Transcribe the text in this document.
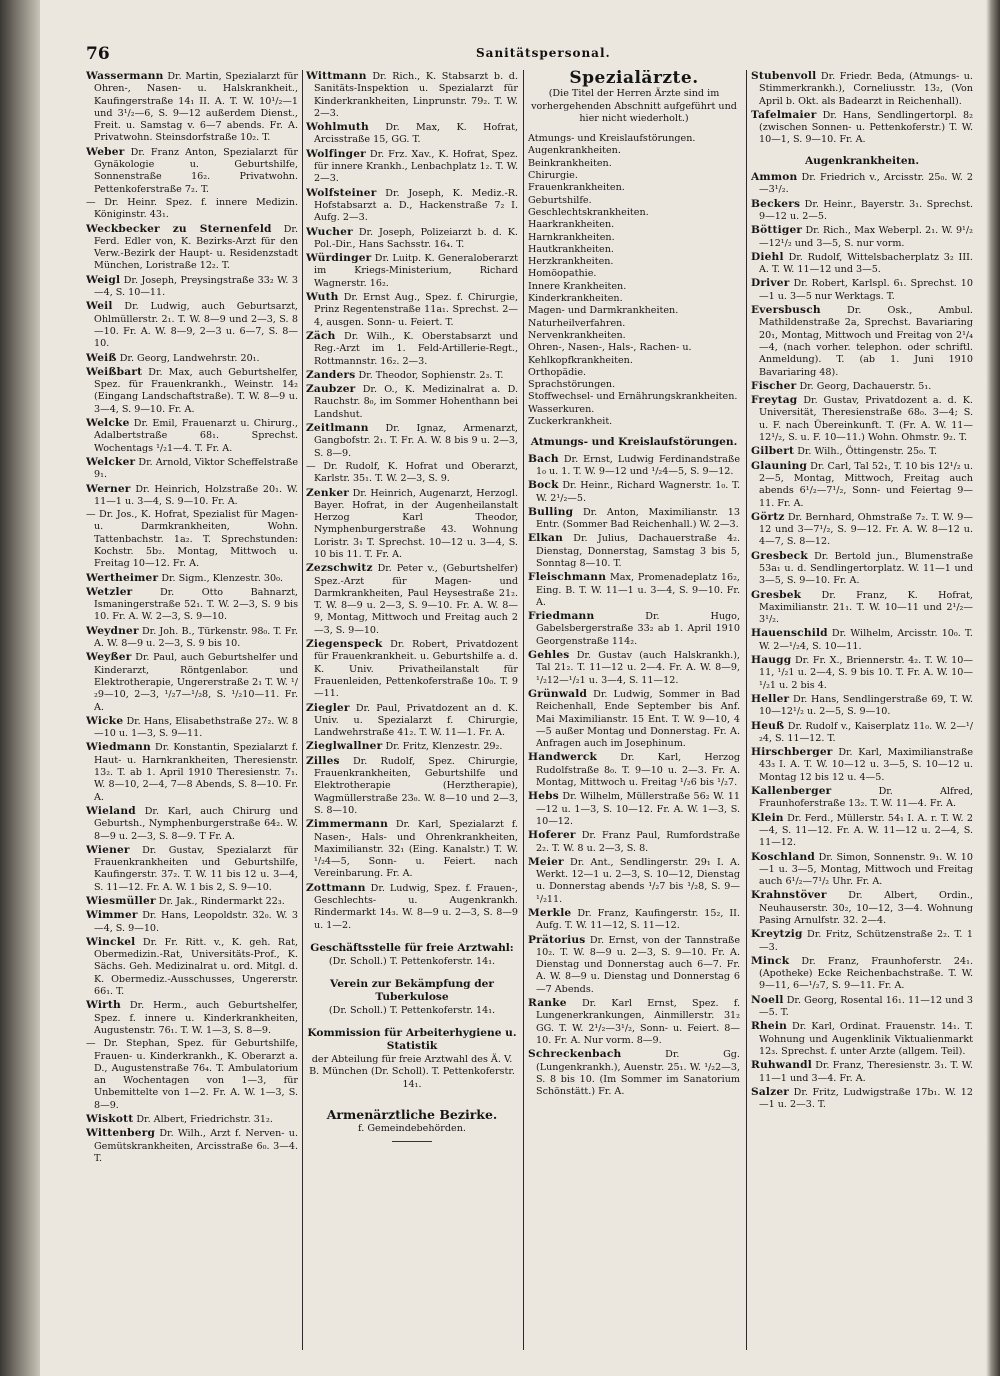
76	Sanitätspersonal.

Wassermann Dr. Martin, Spezialarzt für Ohren-, Nasen- u. Halskrankheit., Kaufingerstraße 14₁ II. A. T. W. 10¹/₂—1 und 3¹/₂—6, S. 9—12 außerdem Dienst., Freit. u. Samstag v. 6—7 abends. Fr. A. Privatwohn. Steinsdorfstraße 10₂. T.

Weber Dr. Franz Anton, Spezialarzt für Gynäkologie u. Geburtshilfe, Sonnenstraße 16₂. Privatwohn. Pettenkoferstraße 7₂. T.

— Dr. Heinr. Spez. f. innere Medizin. Königinstr. 43₁.

Weckbecker zu Sternenfeld Dr. Ferd. Edler von, K. Bezirks-Arzt für den Verw.-Bezirk der Haupt- u. Residenzstadt München, Loristraße 12₂. T.

Weigl Dr. Joseph, Preysingstraße 33₂ W. 3—4, S. 10—11.

Weil Dr. Ludwig, auch Geburtsarzt, Ohlmüllerstr. 2₁. T. W. 8—9 und 2—3, S. 8—10. Fr. A. W. 8—9, 2—3 u. 6—7, S. 8—10.

Weiß Dr. Georg, Landwehrstr. 20₁.

Weißbart Dr. Max, auch Geburtshelfer, Spez. für Frauenkrankh., Weinstr. 14₂ (Eingang Landschaftstraße). T. W. 8—9 u. 3—4, S. 9—10. Fr. A.

Welcke Dr. Emil, Frauenarzt u. Chirurg., Adalbertstraße 68₁. Sprechst. Wochentags ¹/₂1—4. T. Fr. A.

Welcker Dr. Arnold, Viktor Scheffelstraße 9₁.

Werner Dr. Heinrich, Holzstraße 20₁. W. 11—1 u. 3—4, S. 9—10. Fr. A.

— Dr. Jos., K. Hofrat, Spezialist für Magen- u. Darmkrankheiten, Wohn. Tattenbachstr. 1a₂. T. Sprechstunden: Kochstr. 5b₂. Montag, Mittwoch u. Freitag 10—12. Fr. A.

Wertheimer Dr. Sigm., Klenzestr. 30₀.

Wetzler	Dr. Otto Bahnarzt, Ismaningerstraße 52₁. T. W. 2—3, S. 9 bis 10. Fr. A. W. 2—3, S. 9—10.

Weydner Dr. Joh. B., Türkenstr. 98₀. T. Fr. A. W. 8—9 u. 2—3, S. 9 bis 10.

Weyßer Dr. Paul, auch Geburtshelfer und Kinderarzt, Röntgenlabor. und Elektrotherapie, Ungererstraße 2₁ T. W. ¹/₂9—10, 2—3, ¹/₂7—¹/₂8, S. ¹/₂10—11. Fr. A.

Wicke Dr. Hans, Elisabethstraße 27₂. W. 8—10 u. 1—3, S. 9—11.

Wiedmann Dr. Konstantin, Spezialarzt f. Haut- u. Harnkrankheiten, Theresienstr. 13₂. T. ab 1. April 1910 Theresienstr. 7₁. W. 8—10, 2—4, 7—8 Abends, S. 8—10. Fr. A.

Wieland Dr. Karl, auch Chirurg und Geburtsh., Nymphenburgerstraße 64₂. W. 8—9 u. 2—3, S. 8—9. T Fr. A.

Wiener Dr. Gustav, Spezialarzt für Frauenkrankheiten und Geburtshilfe, Kaufingerstr. 37₂. T. W. 11 bis 12 u. 3—4, S. 11—12. Fr. A. W. 1 bis 2, S. 9—10.

Wiesmüller Dr. Jak., Rindermarkt 22₃.

Wimmer Dr. Hans, Leopoldstr. 32₀. W. 3—4, S. 9—10.

Winckel Dr. Fr. Ritt. v., K. geh. Rat, Obermedizin.-Rat, Universitäts-Prof., K. Sächs. Geh. Medizinalrat u. ord. Mitgl. d. K. Obermediz.-Ausschusses, Ungererstr. 66₁. T.

Wirth Dr. Herm., auch Geburtshelfer, Spez. f. innere u. Kinderkrankheiten, Augustenstr. 76₁. T. W. 1—3, S. 8—9.

— Dr. Stephan, Spez. für Geburtshilfe, Frauen- u. Kinderkrankh., K. Oberarzt a. D., Augustenstraße 76₄. T. Ambulatorium an Wochentagen von 1—3, für Unbemittelte von 1—2. Fr. A. W. 1—3, S. 8—9.

Wiskott Dr. Albert, Friedrichstr. 31₂.

Wittenberg Dr. Wilh., Arzt f. Nerven- u. Gemütskrankheiten, Arcisstraße 6₀. 3—4. T.

Wittmann Dr. Rich., K. Stabsarzt b. d. Sanitäts-Inspektion u. Spezialarzt für Kinderkrankheiten, Linprunstr. 79₂. T. W. 2—3.

Wohlmuth Dr. Max, K. Hofrat, Arcisstraße 15, GG. T.

Wolfinger Dr. Frz. Xav., K. Hofrat, Spez. für innere Krankh., Lenbachplatz 1₂. T. W. 2—3.

Wolfsteiner Dr. Joseph, K. Mediz.-R. Hofstabsarzt a. D., Hackenstraße 7₂ I. Aufg. 2—3.

Wucher Dr. Joseph, Polizeiarzt b. d. K. Pol.-Dir., Hans Sachsstr. 16₄. T.

Würdinger Dr. Luitp. K. Generaloberarzt im Kriegs-Ministerium, Richard Wagnerstr. 16₂.

Wuth Dr. Ernst Aug., Spez. f. Chirurgie, Prinz Regentenstraße 11a₁. Sprechst. 2—4, ausgen. Sonn- u. Feiert. T.

Zäch Dr. Wilh., K. Oberstabsarzt und Reg.-Arzt im 1. Feld-Artillerie-Regt., Rottmannstr. 16₂. 2—3.

Zanders Dr. Theodor, Sophienstr. 2₃. T.

Zaubzer Dr. O., K. Medizinalrat a. D. Rauchstr. 8₀, im Sommer Hohenthann bei Landshut.

Zeitlmann Dr. Ignaz, Armenarzt, Gangbofstr. 2₁. T. Fr. A. W. 8 bis 9 u. 2—3, S. 8—9.

— Dr. Rudolf, K. Hofrat und Oberarzt, Karlstr. 35₁. T. W. 2—3, S. 9.

Zenker Dr. Heinrich, Augenarzt, Herzogl. Bayer. Hofrat, in der Augenheilanstalt Herzog Karl Theodor, Nymphenburgerstraße 43. Wohnung Loristr. 3₁ T. Sprechst. 10—12 u. 3—4, S. 10 bis 11. T. Fr. A.

Zezschwitz Dr. Peter v., (Geburtshelfer) Spez.-Arzt für Magen- und Darmkrankheiten, Paul Heysestraße 21₂. T. W. 8—9 u. 2—3, S. 9—10. Fr. A. W. 8—9, Montag, Mittwoch und Freitag auch 2—3, S. 9—10.

Ziegenspeck Dr. Robert, Privatdozent für Frauenkrankheit. u. Geburtshilfe a. d. K. Univ. Privatheilanstalt für Frauenleiden, Pettenkoferstraße 10₀. T. 9—11.

Ziegler Dr. Paul, Privatdozent an d. K. Univ. u. Spezialarzt f. Chirurgie, Landwehrstraße 41₂. T. W. 11—1. Fr. A.

Zieglwallner Dr. Fritz, Klenzestr. 29₂.

Zilles Dr. Rudolf, Spez. Chirurgie, Frauenkrankheiten, Geburtshilfe und Elektrotherapie (Herztherapie), Wagmüllerstraße 23₀. W. 8—10 und 2—3, S. 8—10.

Zimmermann Dr. Karl, Spezialarzt f. Nasen-, Hals- und Ohrenkrankheiten, Maximilianstr. 32₁ (Eing. Kanalstr.) T. W. ¹/₂4—5, Sonn- u. Feiert. nach Vereinbarung. Fr. A.

Zottmann Dr. Ludwig, Spez. f. Frauen-, Geschlechts- u. Augenkrankh. Rindermarkt 14₃. W. 8—9 u. 2—3, S. 8—9 u. 1—2.

Geschäftsstelle für freie Arztwahl:
(Dr. Scholl.) T. Pettenkoferstr. 14₁.
Verein zur Bekämpfung der Tuberkulose
(Dr. Scholl.) T. Pettenkoferstr. 14₁.
Kommission für Arbeiterhygiene u. Statistik
der Abteilung für freie Arztwahl des Ä. V. B. München (Dr. Scholl). T. Pettenkoferstr. 14₁.
Armenärztliche Bezirke.
f. Gemeindebehörden.
Spezialärzte.
(Die Titel der Herren Ärzte sind im vorhergehenden Abschnitt aufgeführt und hier nicht wiederholt.)
Atmungs- und Kreislaufstörungen.
Augenkrankheiten.
Beinkrankheiten.
Chirurgie.
Frauenkrankheiten.
Geburtshilfe.
Geschlechtskrankheiten.
Haarkrankheiten.
Harnkrankheiten.
Hautkrankheiten.
Herzkrankheiten.
Homöopathie.
Innere Krankheiten.
Kinderkrankheiten.
Magen- und Darmkrankheiten.
Naturheilverfahren.
Nervenkrankheiten.
Ohren-, Nasen-, Hals-, Rachen- u. Kehlkopfkrankheiten.
Orthopädie.
Sprachstörungen.
Stoffwechsel- und Ernährungskrankheiten.
Wasserkuren.
Zuckerkrankheit.
Atmungs- und Kreislaufstörungen.

Bach Dr. Ernst, Ludwig Ferdinandstraße 1₀ u. 1. T. W. 9—12 und ¹/₂4—5, S. 9—12.

Bock Dr. Heinr., Richard Wagnerstr. 1₀. T. W. 2¹/₂—5.

Bulling Dr. Anton, Maximilianstr. 13 Entr. (Sommer Bad Reichenhall.) W. 2—3.

Elkan Dr. Julius, Dachauerstraße 4₂. Dienstag, Donnerstag, Samstag 3 bis 5, Sonntag 8—10. T.

Fleischmann Max, Promenadeplatz 16₂, Eing. B. T. W. 11—1 u. 3—4, S. 9—10. Fr. A.

Friedmann	Dr. Hugo, Gabelsbergerstraße 33₂ ab 1. April 1910 Georgenstraße 114₂.

Gehles Dr. Gustav (auch Halskrankh.), Tal 21₂. T. 11—12 u. 2—4. Fr. A. W. 8—9, ¹/₂12—¹/₂1 u. 3—4, S. 11—12.

Grünwald Dr. Ludwig, Sommer in Bad Reichenhall, Ende September bis Anf. Mai Maximilianstr. 15 Ent. T. W. 9—10, 4—5 außer Montag und Donnerstag. Fr. A. Anfragen auch im Josephinum.

Handwerck Dr. Karl, Herzog Rudolfstraße 8₀. T. 9—10 u. 2—3. Fr. A. Montag, Mittwoch u. Freitag ¹/₂6 bis ¹/₂7.

Hebs Dr. Wilhelm, Müllerstraße 56₂ W. 11—12 u. 1—3, S. 10—12. Fr. A. W. 1—3, S. 10—12.

Hoferer Dr. Franz Paul, Rumfordstraße 2₂. T. W. 8 u. 2—3, S. 8.

Meier Dr. Ant., Sendlingerstr. 29₁ I. A. Werkt. 12—1 u. 2—3, S. 10—12, Dienstag u. Donnerstag abends ¹/₂7 bis ¹/₂8, S. 9—¹/₂11.

Merkle Dr. Franz, Kaufingerstr. 15₂, II. Aufg. T. W. 11—12, S. 11—12.

Prätorius Dr. Ernst, von der Tannstraße 10₂. T. W. 8—9 u. 2—3, S. 9—10. Fr. A. Dienstag und Donnerstag auch 6—7. Fr. A. W. 8—9 u. Dienstag und Donnerstag 6—7 Abends.

Ranke Dr. Karl Ernst, Spez. f. Lungenerkrankungen, Ainmillerstr. 31₂ GG. T. W. 2¹/₂—3¹/₂, Sonn- u. Feiert. 8—10. Fr. A. Nur vorm. 8—9.

Schreckenbach	Dr. Gg. (Lungenkrankh.), Auenstr. 25₁. W. ¹/₂2—3, S. 8 bis 10. (Im Sommer im Sanatorium Schönstätt.) Fr. A.

Stubenvoll Dr. Friedr. Beda, (Atmungs- u. Stimmerkrankh.), Corneliusstr. 13₂, (Von April b. Okt. als Badearzt in Reichenhall).

Tafelmaier Dr. Hans, Sendlingertorpl. 8₂ (zwischen Sonnen- u. Pettenkoferstr.) T. W. 10—1, S. 9—10. Fr. A.

Augenkrankheiten.

Ammon Dr. Friedrich v., Arcisstr. 25₀. W. 2—3¹/₂.

Beckers Dr. Heinr., Bayerstr. 3₁. Sprechst. 9—12 u. 2—5.

Böttiger Dr. Rich., Max Weberpl. 2₁. W. 9¹/₂—12¹/₂ und 3—5, S. nur vorm.

Diehl Dr. Rudolf, Wittelsbacherplatz 3₂ III. A. T. W. 11—12 und 3—5.

Driver Dr. Robert, Karlspl. 6₁. Sprechst. 10—1 u. 3—5 nur Werktags. T.

Eversbusch	Dr. Osk., Ambul. Mathildenstraße 2a, Sprechst. Bavariaring 20₁, Montag, Mittwoch und Freitag von 2¹/₄—4, (nach vorher. telephon. oder schriftl. Anmeldung). T. (ab 1. Juni 1910 Bavariaring 48).

Fischer Dr. Georg, Dachauerstr. 5₁.

Freytag Dr. Gustav, Privatdozent a. d. K. Universität, Theresienstraße 68₀. 3—4; S. u. F. nach Übereinkunft. T. (Fr. A. W. 11—12¹/₂, S. u. F. 10—11.) Wohn. Ohmstr. 9₂. T.

Gilbert Dr. Wilh., Öttingenstr. 25₀. T.

Glauning Dr. Carl, Tal 52₁, T. 10 bis 12¹/₂ u. 2—5, Montag, Mittwoch, Freitag auch abends 6¹/₂—7¹/₂, Sonn- und Feiertag 9—11. Fr. A.

Görtz Dr. Bernhard, Ohmstraße 7₂. T. W. 9—12 und 3—7¹/₂, S. 9—12. Fr. A. W. 8—12 u. 4—7, S. 8—12.

Gresbeck Dr. Bertold jun., Blumenstraße 53a₁ u. d. Sendlingertorplatz. W. 11—1 und 3—5, S. 9—10. Fr. A.

Gresbek Dr. Franz, K. Hofrat, Maximilianstr. 21₁. T. W. 10—11 und 2¹/₂—3¹/₂.

Hauenschild Dr. Wilhelm, Arcisstr. 10₀. T. W. 2—¹/₂4, S. 10—11.

Haugg Dr. Fr. X., Briennerstr. 4₂. T. W. 10—11, ¹/₂1 u. 2—4, S. 9 bis 10. T. Fr. A. W. 10—¹/₂1 u. 2 bis 4.

Heller Dr. Hans, Sendlingerstraße 69, T. W. 10—12¹/₂ u. 2—5, S. 9—10.

Heuß Dr. Rudolf v., Kaiserplatz 11₀. W. 2—¹/₂4, S. 11—12. T.

Hirschberger Dr. Karl, Maximilianstraße 43₃ I. A. T. W. 10—12 u. 3—5, S. 10—12 u. Montag 12 bis 12 u. 4—5.

Kallenberger	Dr. Alfred, Fraunhoferstraße 13₂. T. W. 11—4. Fr. A.

Klein Dr. Ferd., Müllerstr. 54₁ I. A. r. T. W. 2—4, S. 11—12. Fr. A. W. 11—12 u. 2—4, S. 11—12.

Koschland Dr. Simon, Sonnenstr. 9₁. W. 10—1 u. 3—5, Montag, Mittwoch und Freitag auch 6¹/₂—7¹/₂ Uhr. Fr. A.

Krahnstöver Dr. Albert, Ordin., Neuhauserstr. 30₂, 10—12, 3—4. Wohnung Pasing Arnulfstr. 32. 2—4.

Kreytzig Dr. Fritz, Schützenstraße 2₂. T. 1—3.

Minck Dr. Franz, Fraunhoferstr. 24₁. (Apotheke) Ecke Reichenbachstraße. T. W. 9—11, 6—¹/₂7, S. 9—11. Fr. A.

Noell Dr. Georg, Rosental 16₁. 11—12 und 3—5. T.

Rhein Dr. Karl, Ordinat. Frauenstr. 14₁. T. Wohnung und Augenklinik Viktualienmarkt 12₃. Sprechst. f. unter Arzte (allgem. Teil).

Ruhwandl Dr. Franz, Theresienstr. 3₁. T. W. 11—1 und 3—4. Fr. A.

Salzer Dr. Fritz, Ludwigstraße 17b₁. W. 12—1 u. 2—3. T.
